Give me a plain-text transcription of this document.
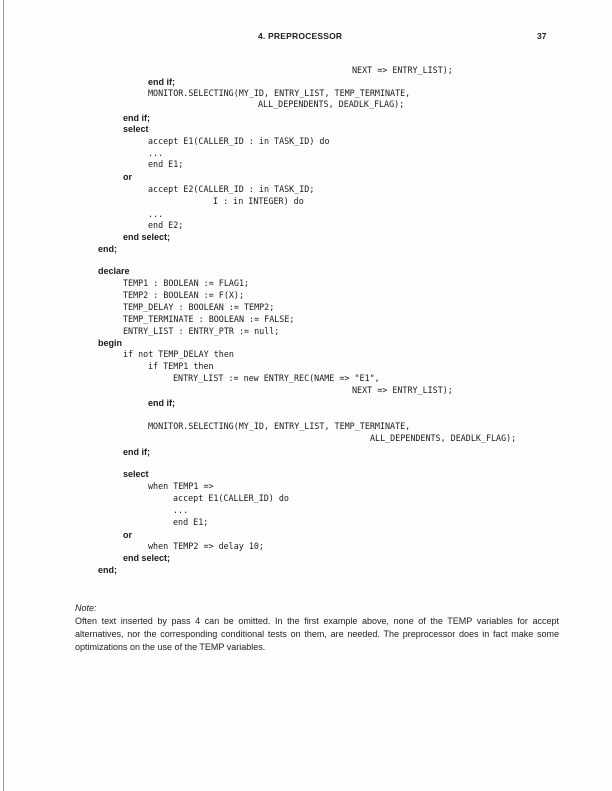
4. PREPROCESSOR	37
NEXT => ENTRY_LIST);
end if;
MONITOR.SELECTING(MY_ID, ENTRY_LIST, TEMP_TERMINATE,
ALL_DEPENDENTS, DEADLK_FLAG);
end if;
select
accept E1(CALLER_ID : in TASK_ID) do
...
end E1;
or
accept E2(CALLER_ID : in TASK_ID;
I : in INTEGER) do
...
end E2;
end select;
end;
declare
TEMP1 : BOOLEAN := FLAG1;
TEMP2 : BOOLEAN := F(X);
TEMP_DELAY : BOOLEAN := TEMP2;
TEMP_TERMINATE : BOOLEAN := FALSE;
ENTRY_LIST : ENTRY_PTR := null;
begin
if not TEMP_DELAY then
if TEMP1 then
ENTRY_LIST := new ENTRY_REC(NAME => "E1",
NEXT => ENTRY_LIST);
end if;
MONITOR.SELECTING(MY_ID, ENTRY_LIST, TEMP_TERMINATE,
ALL_DEPENDENTS, DEADLK_FLAG);
end if;
select
when TEMP1 =>
accept E1(CALLER_ID) do
...
end E1;
or
when TEMP2 => delay 10;
end select;
end;
Note:
Often text inserted by pass 4 can be omitted. In the first example above, none of the TEMP variables for accept alternatives, nor the corresponding conditional tests on them, are needed. The preprocessor does in fact make some optimizations on the use of the TEMP variables.
